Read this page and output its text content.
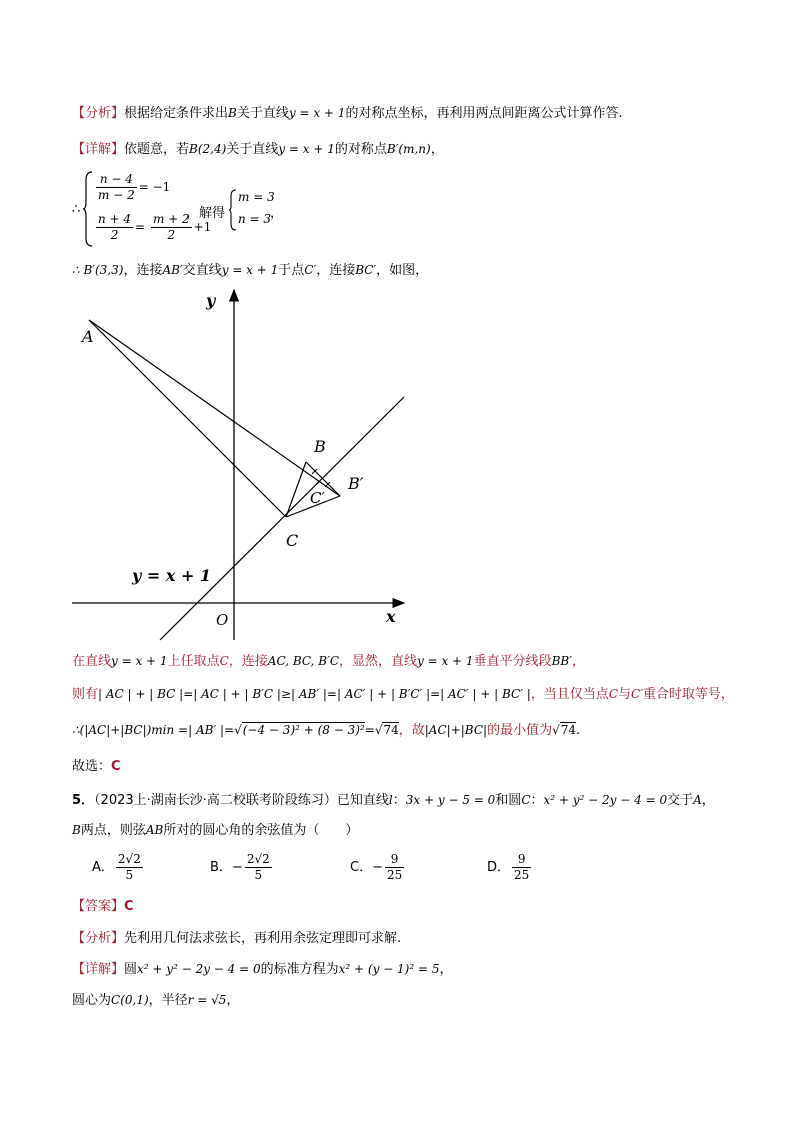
【分析】根据给定条件求出B关于直线y = x + 1的对称点坐标，再利用两点间距离公式计算作答.
【详解】依题意，若B(2,4)关于直线y = x + 1的对称点B′(m,n)，
∴
$\frac{n - 4}{m - 2} = -1$
$\frac{n + 4}{2} = \frac{m + 2}{2} +1$
，解得
m = 3
n = 3
，
∴ B′(3,3)，连接AB′交直线y = x + 1于点C′，连接BC′，如图，
y
x
O
A
B
B′
C
C′
y = x + 1
在直线y = x + 1上任取点C，连接AC, BC, B′C，显然，直线y = x + 1垂直平分线段BB′，
则有| AC | + | BC |=| AC | + | B′C |≥| AB′ |=| AC′ | + | B′C′ |=| AC′ | + | BC′ |，当且仅当点C与C′重合时取等号，
∴(|AC|+|BC|)min =| AB′ |=√(−4 − 3)² + (8 − 3)²=√74，故|AC|+|BC|的最小值为√74.
故选：C
5．（2023上·湖南长沙·高二校联考阶段练习）已知直线l：3x + y − 5 = 0和圆C：x² + y² − 2y − 4 = 0交于A，
B两点，则弦AB所对的圆心角的余弦值为（　　）
A． $\frac{2√2}{5}$	B．− $\frac{2√2}{5}$	C．− $\frac{9}{25}$	D． $\frac{9}{25}$
【答案】C
【分析】先利用几何法求弦长，再利用余弦定理即可求解.
【详解】圆x² + y² − 2y − 4 = 0的标准方程为x² + (y − 1)² = 5，
圆心为C(0,1)，半径r = √5，
